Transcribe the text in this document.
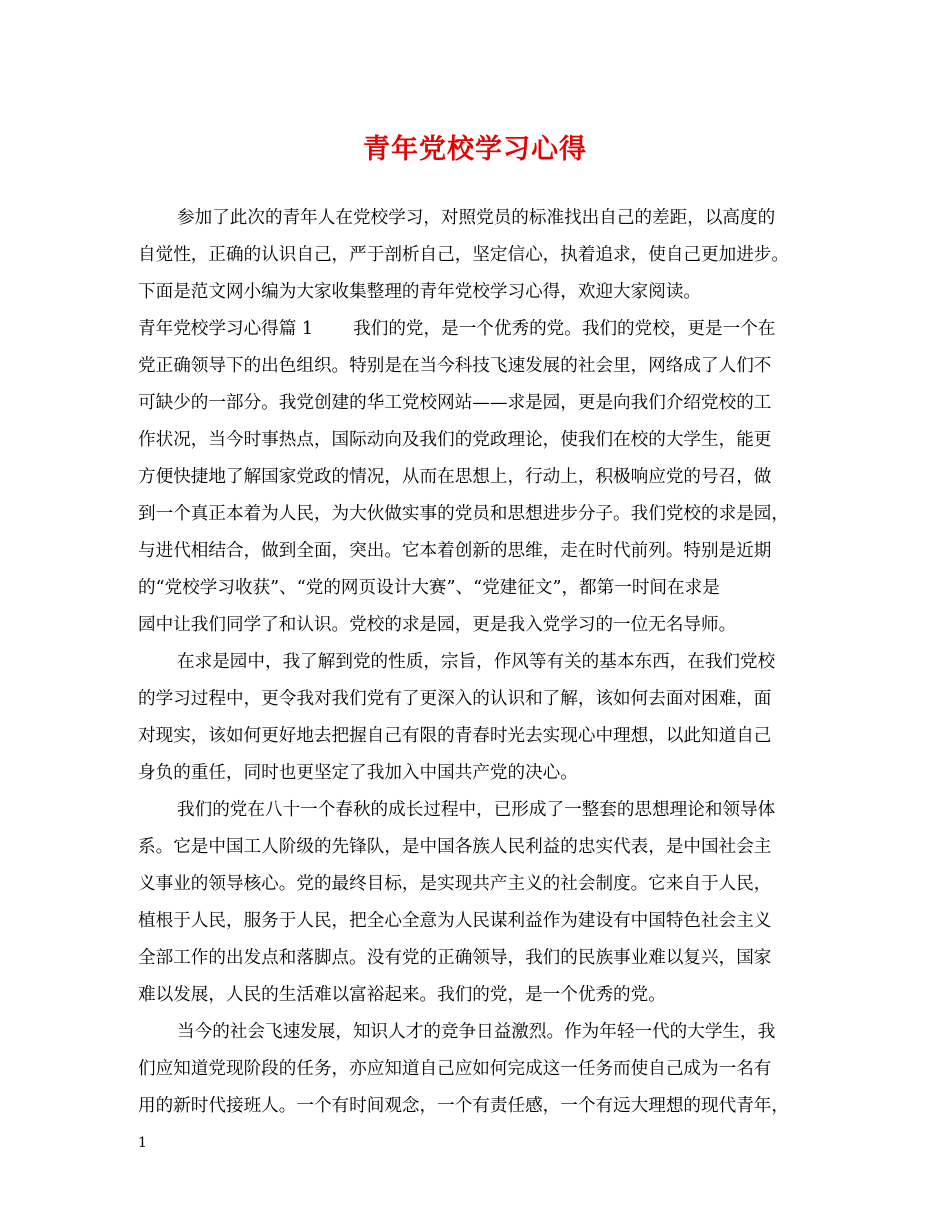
青年党校学习心得
参加了此次的青年人在党校学习，对照党员的标准找出自己的差距，以高度的
自觉性，正确的认识自己，严于剖析自己，坚定信心，执着追求，使自己更加进步。
下面是范文网小编为大家收集整理的青年党校学习心得，欢迎大家阅读。
青年党校学习心得篇 1 我们的党，是一个优秀的党。我们的党校，更是一个在
党正确领导下的出色组织。特别是在当今科技飞速发展的社会里，网络成了人们不
可缺少的一部分。我党创建的华工党校网站——求是园，更是向我们介绍党校的工
作状况，当今时事热点，国际动向及我们的党政理论，使我们在校的大学生，能更
方便快捷地了解国家党政的情况，从而在思想上，行动上，积极响应党的号召，做
到一个真正本着为人民，为大伙做实事的党员和思想进步分子。我们党校的求是园，
与进代相结合，做到全面，突出。它本着创新的思维，走在时代前列。特别是近期
的“党校学习收获”、“党的网页设计大赛”、“党建征文”，都第一时间在求是
园中让我们同学了和认识。党校的求是园，更是我入党学习的一位无名导师。
在求是园中，我了解到党的性质，宗旨，作风等有关的基本东西，在我们党校
的学习过程中，更令我对我们党有了更深入的认识和了解，该如何去面对困难，面
对现实，该如何更好地去把握自己有限的青春时光去实现心中理想，以此知道自己
身负的重任，同时也更坚定了我加入中国共产党的决心。
我们的党在八十一个春秋的成长过程中，已形成了一整套的思想理论和领导体
系。它是中国工人阶级的先锋队，是中国各族人民利益的忠实代表，是中国社会主
义事业的领导核心。党的最终目标，是实现共产主义的社会制度。它来自于人民，
植根于人民，服务于人民，把全心全意为人民谋利益作为建设有中国特色社会主义
全部工作的出发点和落脚点。没有党的正确领导，我们的民族事业难以复兴，国家
难以发展，人民的生活难以富裕起来。我们的党，是一个优秀的党。
当今的社会飞速发展，知识人才的竞争日益激烈。作为年轻一代的大学生，我
们应知道党现阶段的任务，亦应知道自己应如何完成这一任务而使自己成为一名有
用的新时代接班人。一个有时间观念，一个有责任感，一个有远大理想的现代青年，
1
